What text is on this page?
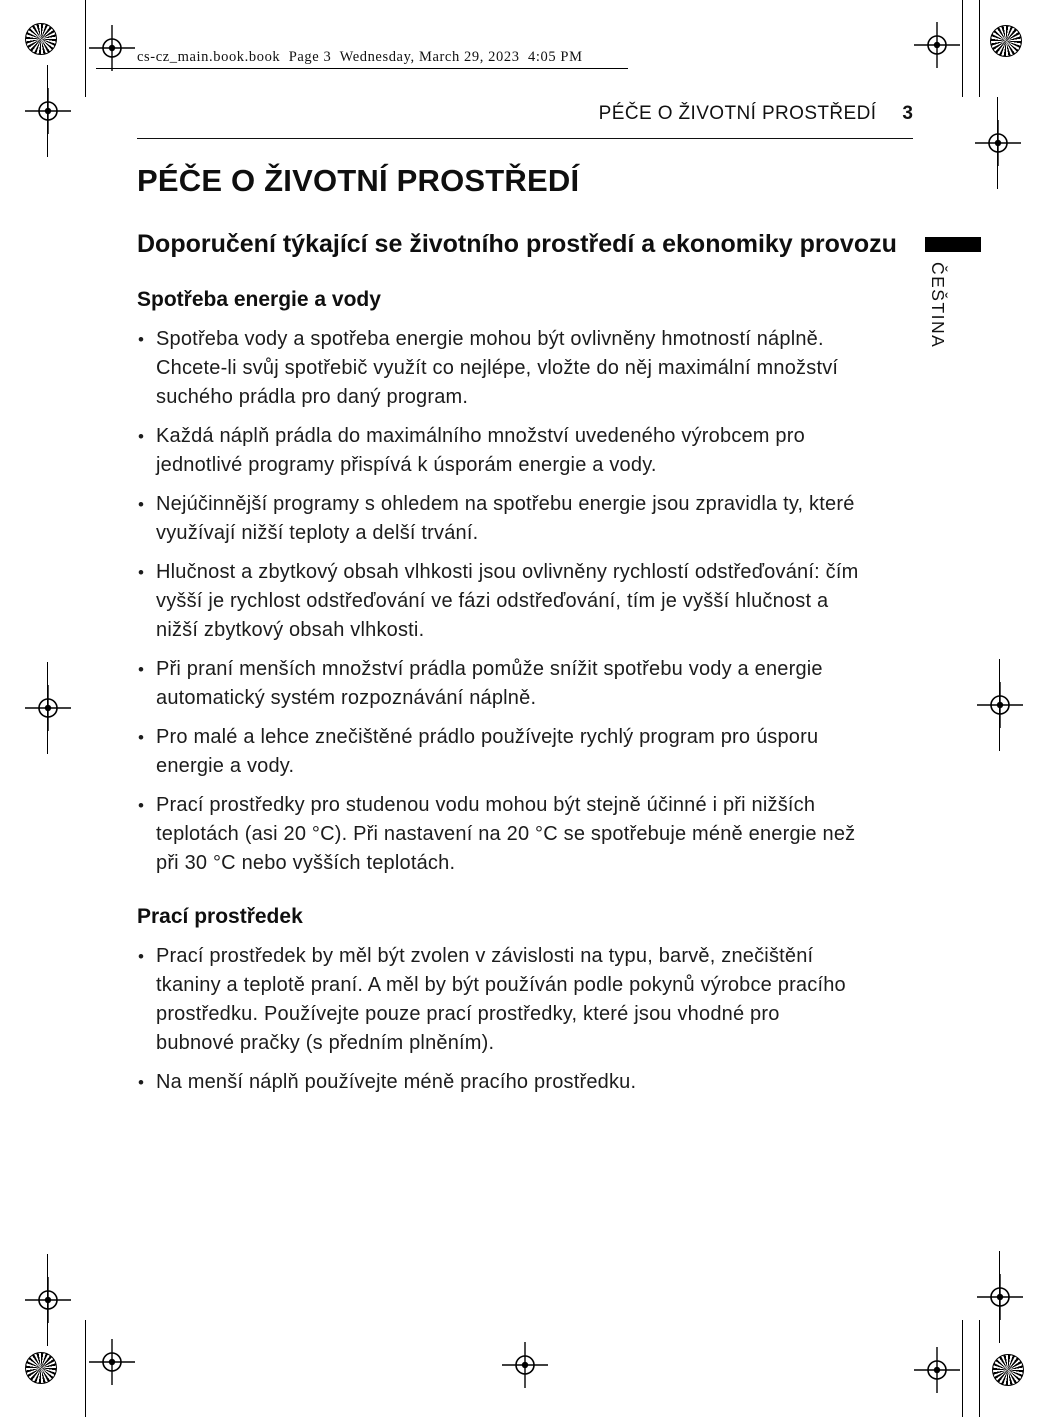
cs-cz_main.book.book  Page 3  Wednesday, March 29, 2023  4:05 PM
ČEŠTINA
PÉČE O ŽIVOTNÍ PROSTŘEDÍ 3
PÉČE O ŽIVOTNÍ PROSTŘEDÍ
Doporučení týkající se životního prostředí a ekonomiky provozu
Spotřeba energie a vody
• Spotřeba vody a spotřeba energie mohou být ovlivněny hmotností náplně. Chcete-li svůj spotřebič využít co nejlépe, vložte do něj maximální množství suchého prádla pro daný program.
• Každá náplň prádla do maximálního množství uvedeného výrobcem pro jednotlivé programy přispívá k úsporám energie a vody.
• Nejúčinnější programy s ohledem na spotřebu energie jsou zpravidla ty, které využívají nižší teploty a delší trvání.
• Hlučnost a zbytkový obsah vlhkosti jsou ovlivněny rychlostí odstřeďování: čím vyšší je rychlost odstřeďování ve fázi odstřeďování, tím je vyšší hlučnost a nižší zbytkový obsah vlhkosti.
• Při praní menších množství prádla pomůže snížit spotřebu vody a energie automatický systém rozpoznávání náplně.
• Pro malé a lehce znečištěné prádlo používejte rychlý program pro úsporu energie a vody.
• Prací prostředky pro studenou vodu mohou být stejně účinné i při nižších teplotách (asi 20 °C). Při nastavení na 20 °C se spotřebuje méně energie než při 30 °C nebo vyšších teplotách.
Prací prostředek
• Prací prostředek by měl být zvolen v závislosti na typu, barvě, znečištění tkaniny a teplotě praní. A měl by být používán podle pokynů výrobce pracího prostředku. Používejte pouze prací prostředky, které jsou vhodné pro bubnové pračky (s předním plněním).
• Na menší náplň používejte méně pracího prostředku.
